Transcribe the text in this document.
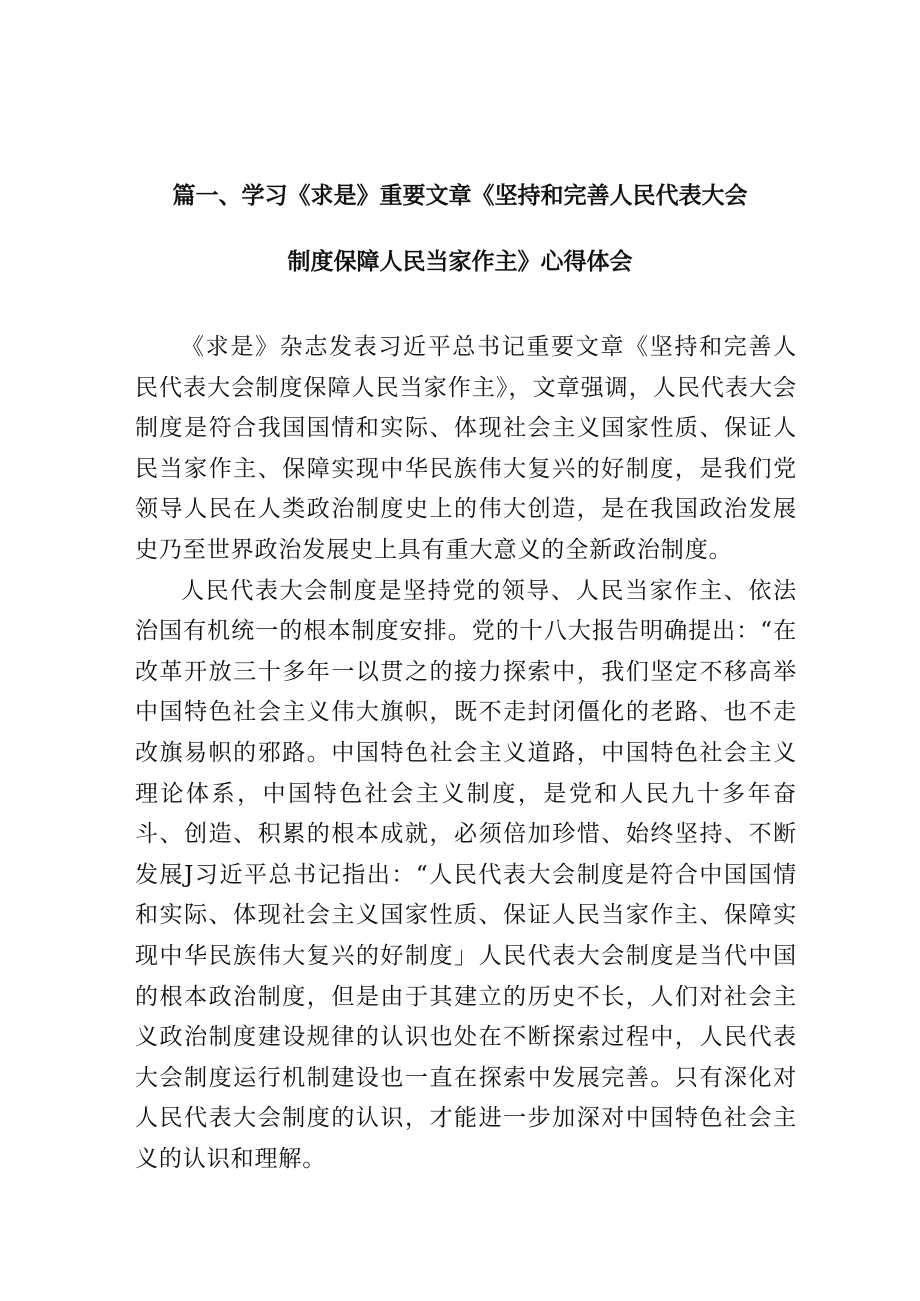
篇一、学习《求是》重要文章《坚持和完善人民代表大会
制度保障人民当家作主》心得体会

《求是》杂志发表习近平总书记重要文章《坚持和完善人民代表大会制度保障人民当家作主》，文章强调，人民代表大会制度是符合我国国情和实际、体现社会主义国家性质、保证人民当家作主、保障实现中华民族伟大复兴的好制度，是我们党领导人民在人类政治制度史上的伟大创造，是在我国政治发展史乃至世界政治发展史上具有重大意义的全新政治制度。

人民代表大会制度是坚持党的领导、人民当家作主、依法治国有机统一的根本制度安排。党的十八大报告明确提出：“在改革开放三十多年一以贯之的接力探索中，我们坚定不移高举中国特色社会主义伟大旗帜，既不走封闭僵化的老路、也不走改旗易帜的邪路。中国特色社会主义道路，中国特色社会主义理论体系，中国特色社会主义制度，是党和人民九十多年奋斗、创造、积累的根本成就，必须倍加珍惜、始终坚持、不断发展J习近平总书记指出：“人民代表大会制度是符合中国国情和实际、体现社会主义国家性质、保证人民当家作主、保障实现中华民族伟大复兴的好制度」人民代表大会制度是当代中国的根本政治制度，但是由于其建立的历史不长，人们对社会主义政治制度建设规律的认识也处在不断探索过程中，人民代表大会制度运行机制建设也一直在探索中发展完善。只有深化对人民代表大会制度的认识，才能进一步加深对中国特色社会主义的认识和理解。
